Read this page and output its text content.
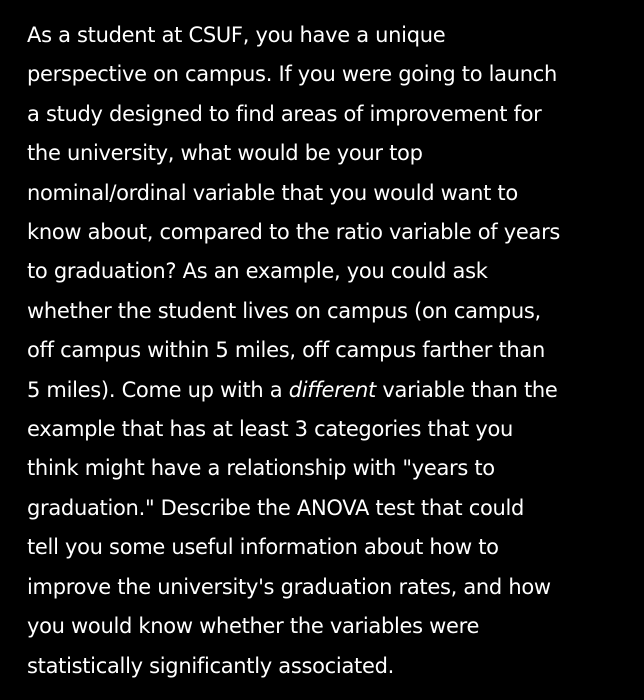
As a student at CSUF, you have a unique
perspective on campus. If you were going to launch
a study designed to find areas of improvement for
the university, what would be your top
nominal/ordinal variable that you would want to
know about, compared to the ratio variable of years
to graduation? As an example, you could ask
whether the student lives on campus (on campus,
off campus within 5 miles, off campus farther than
5 miles). Come up with a different variable than the
example that has at least 3 categories that you
think might have a relationship with "years to
graduation." Describe the ANOVA test that could
tell you some useful information about how to
improve the university's graduation rates, and how
you would know whether the variables were
statistically significantly associated.
